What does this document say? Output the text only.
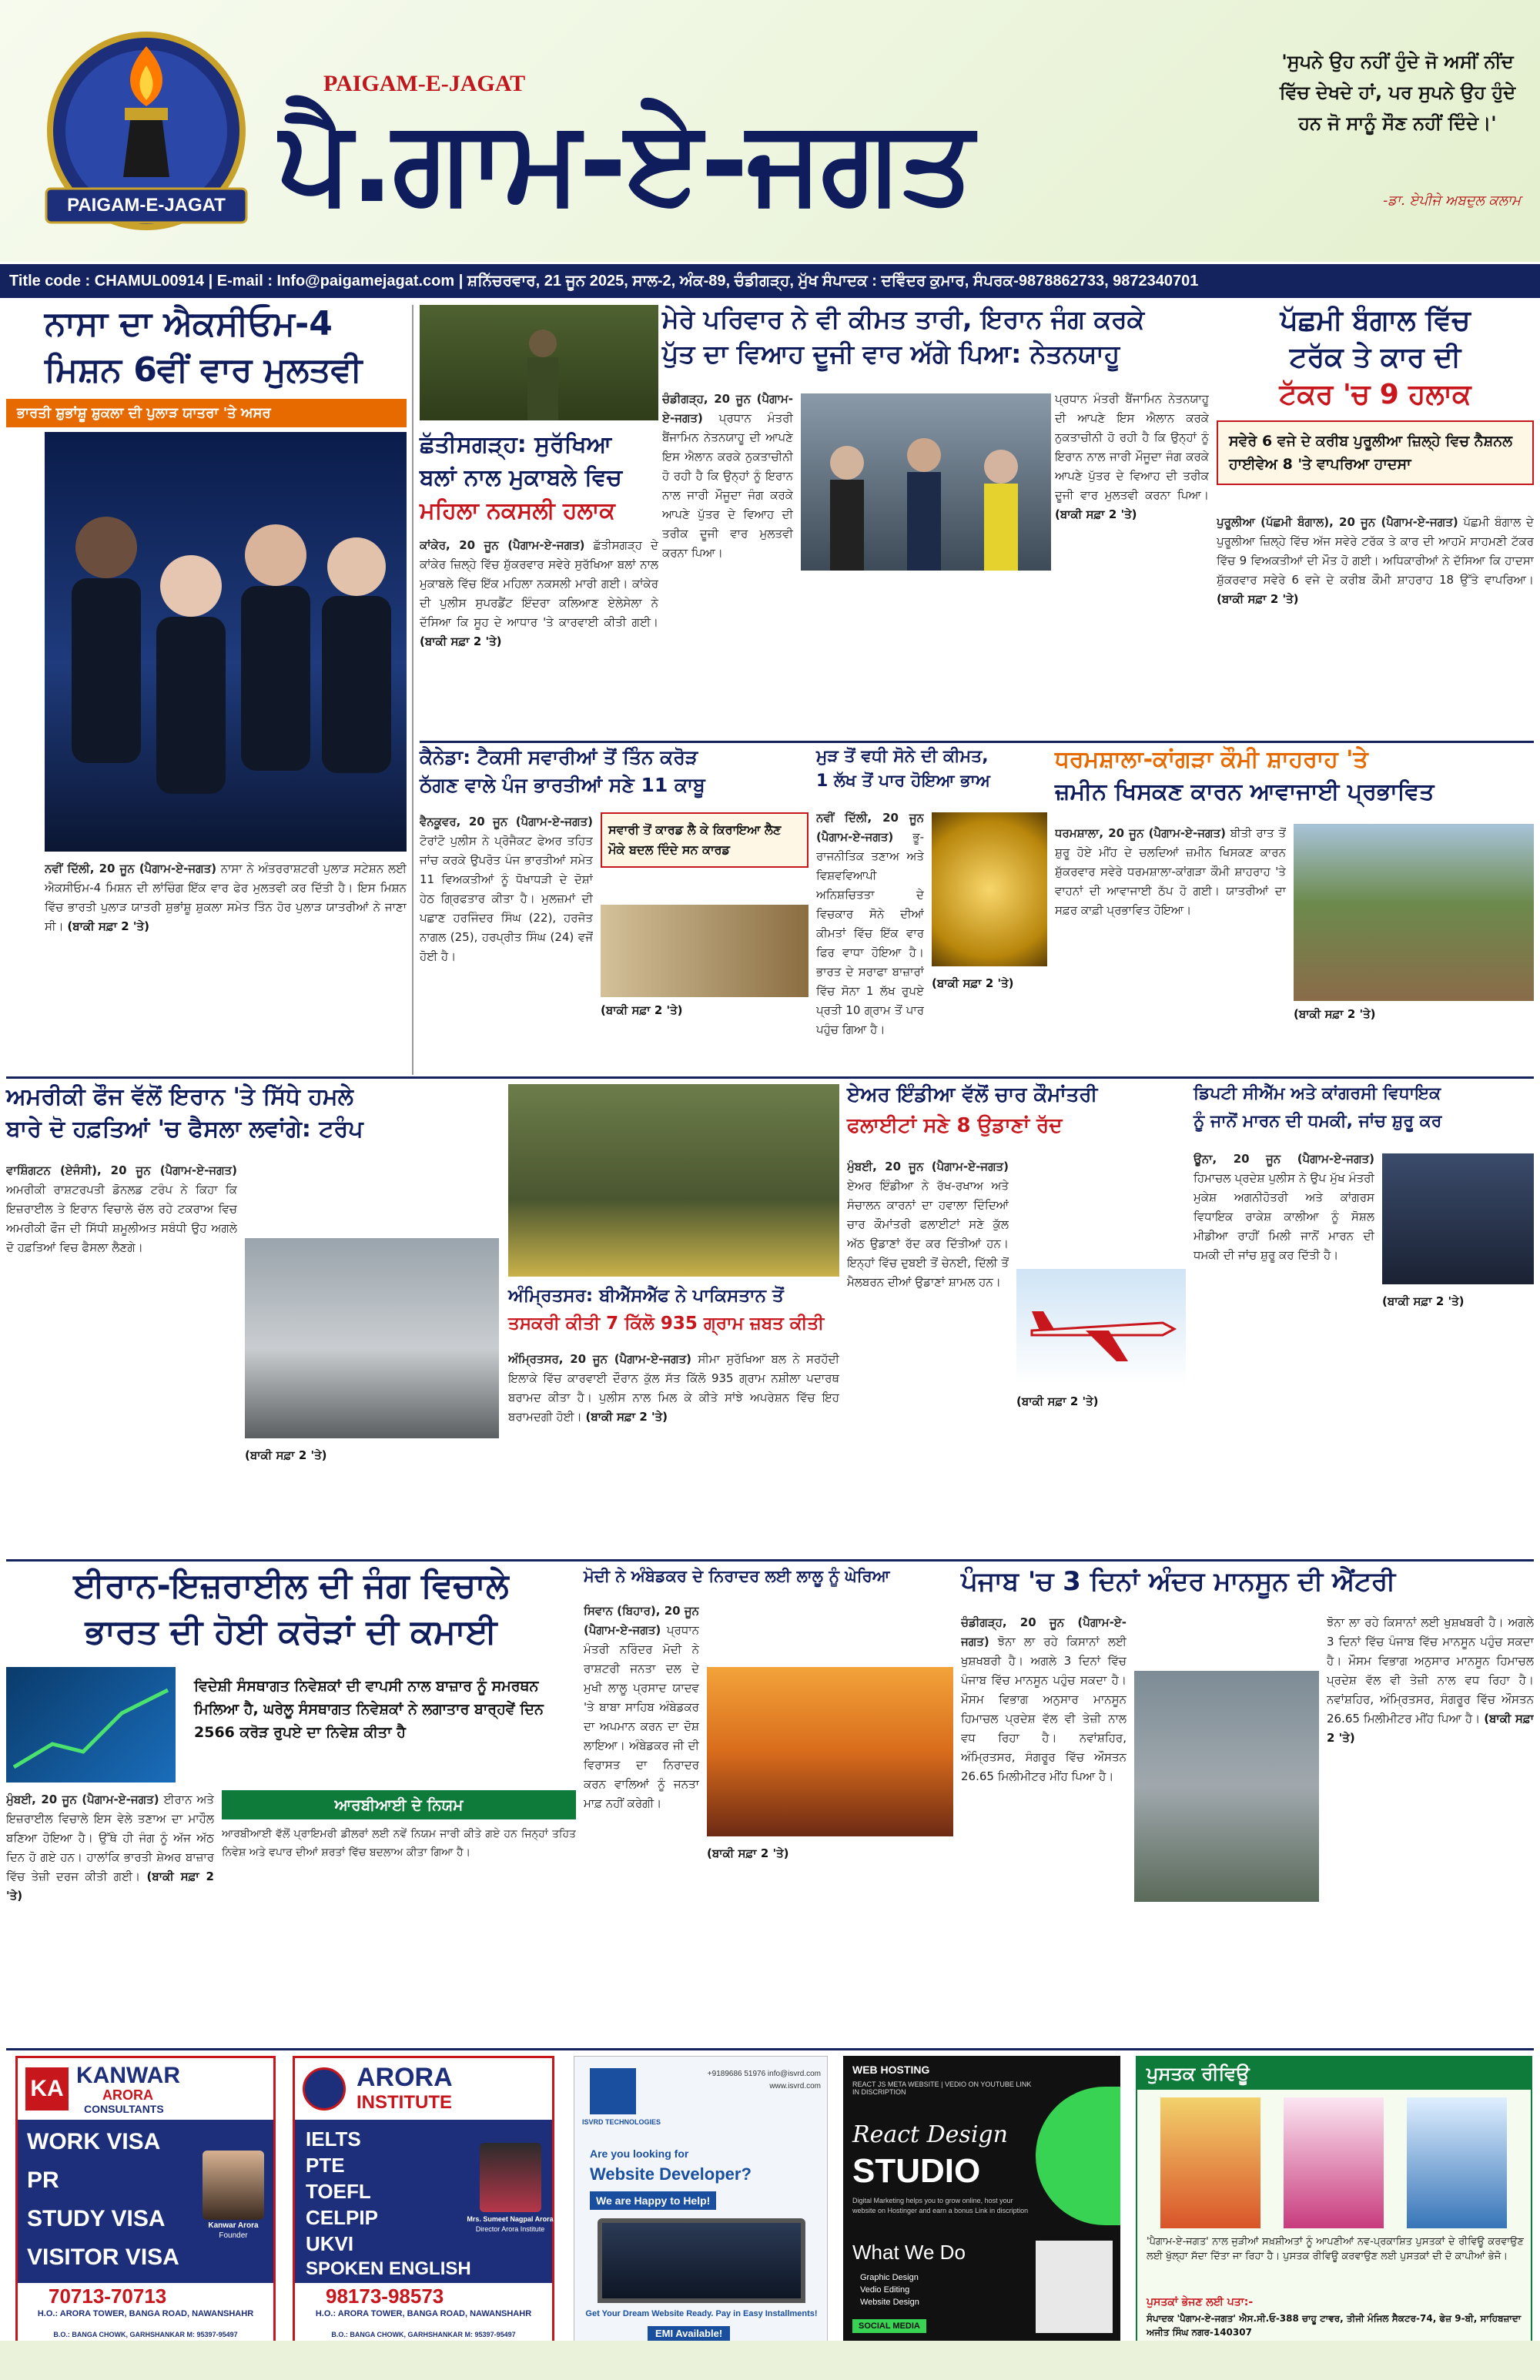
PAIGAM-E-JAGAT
PAIGAM-E-JAGAT
ਪੈ.ਗਾਮ-ਏ-ਜਗਤ
'ਸੁਪਨੇ ਉਹ ਨਹੀਂ ਹੁੰਦੇ ਜੋ ਅਸੀਂ ਨੀਂਦ ਵਿੱਚ ਦੇਖਦੇ ਹਾਂ, ਪਰ ਸੁਪਨੇ ਉਹ ਹੁੰਦੇ ਹਨ ਜੋ ਸਾਨੂੰ ਸੌਣ ਨਹੀਂ ਦਿੰਦੇ।'
-ਡਾ. ਏਪੀਜੇ ਅਬਦੁਲ ਕਲਾਮ
Title code : CHAMUL00914 | E-mail : Info@paigamejagat.com | ਸ਼ਨਿੱਚਰਵਾਰ, 21 ਜੂਨ 2025, ਸਾਲ-2, ਅੰਕ-89, ਚੰਡੀਗੜ੍ਹ, ਮੁੱਖ ਸੰਪਾਦਕ : ਦਵਿੰਦਰ ਕੁਮਾਰ, ਸੰਪਰਕ-9878862733, 9872340701
ਨਾਸਾ ਦਾ ਐਕਸੀਓਮ-4
ਮਿਸ਼ਨ 6ਵੀਂ ਵਾਰ ਮੁਲਤਵੀ
ਭਾਰਤੀ ਸ਼ੁਭਾਂਸ਼ੂ ਸ਼ੁਕਲਾ ਦੀ ਪੁਲਾੜ ਯਾਤਰਾ 'ਤੇ ਅਸਰ
ਨਵੀਂ ਦਿੱਲੀ, 20 ਜੂਨ (ਪੈਗਾਮ-ਏ-ਜਗਤ) ਨਾਸਾ ਨੇ ਅੰਤਰਰਾਸ਼ਟਰੀ ਪੁਲਾੜ ਸਟੇਸ਼ਨ ਲਈ ਐਕਸੀਓਮ-4 ਮਿਸ਼ਨ ਦੀ ਲਾਂਚਿੰਗ ਇੱਕ ਵਾਰ ਫੇਰ ਮੁਲਤਵੀ ਕਰ ਦਿੱਤੀ ਹੈ। ਇਸ ਮਿਸ਼ਨ ਵਿੱਚ ਭਾਰਤੀ ਪੁਲਾੜ ਯਾਤਰੀ ਸ਼ੁਭਾਂਸ਼ੂ ਸ਼ੁਕਲਾ ਸਮੇਤ ਤਿੰਨ ਹੋਰ ਪੁਲਾੜ ਯਾਤਰੀਆਂ ਨੇ ਜਾਣਾ ਸੀ। (ਬਾਕੀ ਸਫ਼ਾ 2 'ਤੇ)
ਛੱਤੀਸਗੜ੍ਹ: ਸੁਰੱਖਿਆ
ਬਲਾਂ ਨਾਲ ਮੁਕਾਬਲੇ ਵਿਚ
ਮਹਿਲਾ ਨਕਸਲੀ ਹਲਾਕ
ਕਾਂਕੇਰ, 20 ਜੂਨ (ਪੈਗਾਮ-ਏ-ਜਗਤ) ਛੱਤੀਸਗੜ੍ਹ ਦੇ ਕਾਂਕੇਰ ਜ਼ਿਲ੍ਹੇ ਵਿੱਚ ਸ਼ੁੱਕਰਵਾਰ ਸਵੇਰੇ ਸੁਰੱਖਿਆ ਬਲਾਂ ਨਾਲ ਮੁਕਾਬਲੇ ਵਿੱਚ ਇੱਕ ਮਹਿਲਾ ਨਕਸਲੀ ਮਾਰੀ ਗਈ। ਕਾਂਕੇਰ ਦੀ ਪੁਲੀਸ ਸੁਪਰਡੈਂਟ ਇੰਦਰਾ ਕਲਿਆਣ ਏਲੇਸੇਲਾ ਨੇ ਦੱਸਿਆ ਕਿ ਸੂਹ ਦੇ ਆਧਾਰ 'ਤੇ ਕਾਰਵਾਈ ਕੀਤੀ ਗਈ। (ਬਾਕੀ ਸਫ਼ਾ 2 'ਤੇ)
ਮੇਰੇ ਪਰਿਵਾਰ ਨੇ ਵੀ ਕੀਮਤ ਤਾਰੀ, ਇਰਾਨ ਜੰਗ ਕਰਕੇ
ਪੁੱਤ ਦਾ ਵਿਆਹ ਦੂਜੀ ਵਾਰ ਅੱਗੇ ਪਿਆ: ਨੇਤਨਯਾਹੂ
ਚੰਡੀਗੜ੍ਹ, 20 ਜੂਨ (ਪੈਗਾਮ-ਏ-ਜਗਤ) ਪ੍ਰਧਾਨ ਮੰਤਰੀ ਬੈਂਜਾਮਿਨ ਨੇਤਨਯਾਹੂ ਦੀ ਆਪਣੇ ਇਸ ਐਲਾਨ ਕਰਕੇ ਨੁਕਤਾਚੀਨੀ ਹੋ ਰਹੀ ਹੈ ਕਿ ਉਨ੍ਹਾਂ ਨੂੰ ਇਰਾਨ ਨਾਲ ਜਾਰੀ ਮੌਜੂਦਾ ਜੰਗ ਕਰਕੇ ਆਪਣੇ ਪੁੱਤਰ ਦੇ ਵਿਆਹ ਦੀ ਤਰੀਕ ਦੂਜੀ ਵਾਰ ਮੁਲਤਵੀ ਕਰਨਾ ਪਿਆ।
ਪ੍ਰਧਾਨ ਮੰਤਰੀ ਬੈਂਜਾਮਿਨ ਨੇਤਨਯਾਹੂ ਦੀ ਆਪਣੇ ਇਸ ਐਲਾਨ ਕਰਕੇ ਨੁਕਤਾਚੀਨੀ ਹੋ ਰਹੀ ਹੈ ਕਿ ਉਨ੍ਹਾਂ ਨੂੰ ਇਰਾਨ ਨਾਲ ਜਾਰੀ ਮੌਜੂਦਾ ਜੰਗ ਕਰਕੇ ਆਪਣੇ ਪੁੱਤਰ ਦੇ ਵਿਆਹ ਦੀ ਤਰੀਕ ਦੂਜੀ ਵਾਰ ਮੁਲਤਵੀ ਕਰਨਾ ਪਿਆ। (ਬਾਕੀ ਸਫ਼ਾ 2 'ਤੇ)
ਪੱਛਮੀ ਬੰਗਾਲ ਵਿੱਚ
ਟਰੱਕ ਤੇ ਕਾਰ ਦੀ
ਟੱਕਰ 'ਚ 9 ਹਲਾਕ
ਸਵੇਰੇ 6 ਵਜੇ ਦੇ ਕਰੀਬ ਪੁਰੂਲੀਆ ਜ਼ਿਲ੍ਹੇ ਵਿਚ ਨੈਸ਼ਨਲ ਹਾਈਵੇਅ 8 'ਤੇ ਵਾਪਰਿਆ ਹਾਦਸਾ
ਪੁਰੂਲੀਆ (ਪੱਛਮੀ ਬੰਗਾਲ), 20 ਜੂਨ (ਪੈਗਾਮ-ਏ-ਜਗਤ) ਪੱਛਮੀ ਬੰਗਾਲ ਦੇ ਪੁਰੂਲੀਆ ਜ਼ਿਲ੍ਹੇ ਵਿੱਚ ਅੱਜ ਸਵੇਰੇ ਟਰੱਕ ਤੇ ਕਾਰ ਦੀ ਆਹਮੋ ਸਾਹਮਣੀ ਟੱਕਰ ਵਿੱਚ 9 ਵਿਅਕਤੀਆਂ ਦੀ ਮੌਤ ਹੋ ਗਈ। ਅਧਿਕਾਰੀਆਂ ਨੇ ਦੱਸਿਆ ਕਿ ਹਾਦਸਾ ਸ਼ੁੱਕਰਵਾਰ ਸਵੇਰੇ 6 ਵਜੇ ਦੇ ਕਰੀਬ ਕੌਮੀ ਸ਼ਾਹਰਾਹ 18 ਉੱਤੇ ਵਾਪਰਿਆ। (ਬਾਕੀ ਸਫ਼ਾ 2 'ਤੇ)
ਕੈਨੇਡਾ: ਟੈਕਸੀ ਸਵਾਰੀਆਂ ਤੋਂ ਤਿੰਨ ਕਰੋੜ
ਠੱਗਣ ਵਾਲੇ ਪੰਜ ਭਾਰਤੀਆਂ ਸਣੇ 11 ਕਾਬੂ
ਵੈਨਕੂਵਰ, 20 ਜੂਨ (ਪੈਗਾਮ-ਏ-ਜਗਤ) ਟੋਰਾਂਟੋ ਪੁਲੀਸ ਨੇ ਪ੍ਰੋਜੈਕਟ ਫੇਅਰ ਤਹਿਤ ਜਾਂਚ ਕਰਕੇ ਉਪਰੋਤ ਪੰਜ ਭਾਰਤੀਆਂ ਸਮੇਤ 11 ਵਿਅਕਤੀਆਂ ਨੂੰ ਧੋਖਾਧੜੀ ਦੇ ਦੋਸ਼ਾਂ ਹੇਠ ਗ੍ਰਿਫਤਾਰ ਕੀਤਾ ਹੈ। ਮੁਲਜ਼ਮਾਂ ਦੀ ਪਛਾਣ ਹਰਜਿੰਦਰ ਸਿੰਘ (22), ਹਰਜੋਤ ਨਾਗਲ (25), ਹਰਪ੍ਰੀਤ ਸਿੰਘ (24) ਵਜੋਂ ਹੋਈ ਹੈ।
ਸਵਾਰੀ ਤੋਂ ਕਾਰਡ ਲੈ ਕੇ ਕਿਰਾਇਆ ਲੈਣ ਮੌਕੇ ਬਦਲ ਦਿੰਦੇ ਸਨ ਕਾਰਡ
(ਬਾਕੀ ਸਫ਼ਾ 2 'ਤੇ)
ਮੁੜ ਤੋਂ ਵਧੀ ਸੋਨੇ ਦੀ ਕੀਮਤ,
1 ਲੱਖ ਤੋਂ ਪਾਰ ਹੋਇਆ ਭਾਅ
ਨਵੀਂ ਦਿੱਲੀ, 20 ਜੂਨ (ਪੈਗਾਮ-ਏ-ਜਗਤ) ਭੂ-ਰਾਜਨੀਤਿਕ ਤਣਾਅ ਅਤੇ ਵਿਸ਼ਵਵਿਆਪੀ ਅਨਿਸ਼ਚਿਤਤਾ ਦੇ ਵਿਚਕਾਰ ਸੋਨੇ ਦੀਆਂ ਕੀਮਤਾਂ ਵਿੱਚ ਇੱਕ ਵਾਰ ਫਿਰ ਵਾਧਾ ਹੋਇਆ ਹੈ। ਭਾਰਤ ਦੇ ਸਰਾਫਾ ਬਾਜ਼ਾਰਾਂ ਵਿੱਚ ਸੋਨਾ 1 ਲੱਖ ਰੁਪਏ ਪ੍ਰਤੀ 10 ਗ੍ਰਾਮ ਤੋਂ ਪਾਰ ਪਹੁੰਚ ਗਿਆ ਹੈ।
(ਬਾਕੀ ਸਫ਼ਾ 2 'ਤੇ)
ਧਰਮਸ਼ਾਲਾ-ਕਾਂਗੜਾ ਕੌਮੀ ਸ਼ਾਹਰਾਹ 'ਤੇ
ਜ਼ਮੀਨ ਖਿਸਕਣ ਕਾਰਨ ਆਵਾਜਾਈ ਪ੍ਰਭਾਵਿਤ
ਧਰਮਸ਼ਾਲਾ, 20 ਜੂਨ (ਪੈਗਾਮ-ਏ-ਜਗਤ) ਬੀਤੀ ਰਾਤ ਤੋਂ ਸ਼ੁਰੂ ਹੋਏ ਮੀਂਹ ਦੇ ਚਲਦਿਆਂ ਜ਼ਮੀਨ ਖਿਸਕਣ ਕਾਰਨ ਸ਼ੁੱਕਰਵਾਰ ਸਵੇਰੇ ਧਰਮਸ਼ਾਲਾ-ਕਾਂਗੜਾ ਕੌਮੀ ਸ਼ਾਹਰਾਹ 'ਤੇ ਵਾਹਨਾਂ ਦੀ ਆਵਾਜਾਈ ਠੱਪ ਹੋ ਗਈ। ਯਾਤਰੀਆਂ ਦਾ ਸਫ਼ਰ ਕਾਫ਼ੀ ਪ੍ਰਭਾਵਿਤ ਹੋਇਆ।
(ਬਾਕੀ ਸਫ਼ਾ 2 'ਤੇ)
ਅਮਰੀਕੀ ਫੌਜ ਵੱਲੋਂ ਇਰਾਨ 'ਤੇ ਸਿੱਧੇ ਹਮਲੇ
ਬਾਰੇ ਦੋ ਹਫ਼ਤਿਆਂ 'ਚ ਫੈਸਲਾ ਲਵਾਂਗੇ: ਟਰੰਪ
ਵਾਸ਼ਿੰਗਟਨ (ਏਜੰਸੀ), 20 ਜੂਨ (ਪੈਗਾਮ-ਏ-ਜਗਤ) ਅਮਰੀਕੀ ਰਾਸ਼ਟਰਪਤੀ ਡੋਨਲਡ ਟਰੰਪ ਨੇ ਕਿਹਾ ਕਿ ਇਜ਼ਰਾਈਲ ਤੇ ਇਰਾਨ ਵਿਚਾਲੇ ਚੱਲ ਰਹੇ ਟਕਰਾਅ ਵਿਚ ਅਮਰੀਕੀ ਫੌਜ ਦੀ ਸਿੱਧੀ ਸ਼ਮੂਲੀਅਤ ਸਬੰਧੀ ਉਹ ਅਗਲੇ ਦੋ ਹਫ਼ਤਿਆਂ ਵਿਚ ਫੈਸਲਾ ਲੈਣਗੇ।
(ਬਾਕੀ ਸਫ਼ਾ 2 'ਤੇ)
ਅੰਮ੍ਰਿਤਸਰ: ਬੀਐੱਸਐੱਫ ਨੇ ਪਾਕਿਸਤਾਨ ਤੋਂ
ਤਸਕਰੀ ਕੀਤੀ 7 ਕਿੱਲੋ 935 ਗ੍ਰਾਮ ਜ਼ਬਤ ਕੀਤੀ
ਅੰਮ੍ਰਿਤਸਰ, 20 ਜੂਨ (ਪੈਗਾਮ-ਏ-ਜਗਤ) ਸੀਮਾ ਸੁਰੱਖਿਆ ਬਲ ਨੇ ਸਰਹੱਦੀ ਇਲਾਕੇ ਵਿੱਚ ਕਾਰਵਾਈ ਦੌਰਾਨ ਕੁੱਲ ਸੱਤ ਕਿੱਲੋ 935 ਗ੍ਰਾਮ ਨਸ਼ੀਲਾ ਪਦਾਰਥ ਬਰਾਮਦ ਕੀਤਾ ਹੈ। ਪੁਲੀਸ ਨਾਲ ਮਿਲ ਕੇ ਕੀਤੇ ਸਾਂਝੇ ਅਪਰੇਸ਼ਨ ਵਿੱਚ ਇਹ ਬਰਾਮਦਗੀ ਹੋਈ। (ਬਾਕੀ ਸਫ਼ਾ 2 'ਤੇ)
ਏਅਰ ਇੰਡੀਆ ਵੱਲੋਂ ਚਾਰ ਕੌਮਾਂਤਰੀ
ਫਲਾਈਟਾਂ ਸਣੇ 8 ਉਡਾਣਾਂ ਰੱਦ
ਮੁੰਬਈ, 20 ਜੂਨ (ਪੈਗਾਮ-ਏ-ਜਗਤ) ਏਅਰ ਇੰਡੀਆ ਨੇ ਰੱਖ-ਰਖਾਅ ਅਤੇ ਸੰਚਾਲਨ ਕਾਰਨਾਂ ਦਾ ਹਵਾਲਾ ਦਿੰਦਿਆਂ ਚਾਰ ਕੌਮਾਂਤਰੀ ਫਲਾਈਟਾਂ ਸਣੇ ਕੁੱਲ ਅੱਠ ਉਡਾਣਾਂ ਰੱਦ ਕਰ ਦਿੱਤੀਆਂ ਹਨ। ਇਨ੍ਹਾਂ ਵਿੱਚ ਦੁਬਈ ਤੋਂ ਚੇਨਈ, ਦਿੱਲੀ ਤੋਂ ਮੈਲਬਰਨ ਦੀਆਂ ਉਡਾਣਾਂ ਸ਼ਾਮਲ ਹਨ।
(ਬਾਕੀ ਸਫ਼ਾ 2 'ਤੇ)
ਡਿਪਟੀ ਸੀਐੱਮ ਅਤੇ ਕਾਂਗਰਸੀ ਵਿਧਾਇਕ
ਨੂੰ ਜਾਨੋਂ ਮਾਰਨ ਦੀ ਧਮਕੀ, ਜਾਂਚ ਸ਼ੁਰੂ ਕਰ
ਊਨਾ, 20 ਜੂਨ (ਪੈਗਾਮ-ਏ-ਜਗਤ) ਹਿਮਾਚਲ ਪ੍ਰਦੇਸ਼ ਪੁਲੀਸ ਨੇ ਉਪ ਮੁੱਖ ਮੰਤਰੀ ਮੁਕੇਸ਼ ਅਗਨੀਹੋਤਰੀ ਅਤੇ ਕਾਂਗਰਸ ਵਿਧਾਇਕ ਰਾਕੇਸ਼ ਕਾਲੀਆ ਨੂੰ ਸੋਸ਼ਲ ਮੀਡੀਆ ਰਾਹੀਂ ਮਿਲੀ ਜਾਨੋਂ ਮਾਰਨ ਦੀ ਧਮਕੀ ਦੀ ਜਾਂਚ ਸ਼ੁਰੂ ਕਰ ਦਿੱਤੀ ਹੈ।
(ਬਾਕੀ ਸਫ਼ਾ 2 'ਤੇ)
ਈਰਾਨ-ਇਜ਼ਰਾਈਲ ਦੀ ਜੰਗ ਵਿਚਾਲੇ
ਭਾਰਤ ਦੀ ਹੋਈ ਕਰੋੜਾਂ ਦੀ ਕਮਾਈ
ਵਿਦੇਸ਼ੀ ਸੰਸਥਾਗਤ ਨਿਵੇਸ਼ਕਾਂ ਦੀ ਵਾਪਸੀ ਨਾਲ ਬਾਜ਼ਾਰ ਨੂੰ ਸਮਰਥਨ ਮਿਲਿਆ ਹੈ, ਘਰੇਲੂ ਸੰਸਥਾਗਤ ਨਿਵੇਸ਼ਕਾਂ ਨੇ ਲਗਾਤਾਰ ਬਾਰ੍ਹਵੇਂ ਦਿਨ 2566 ਕਰੋੜ ਰੁਪਏ ਦਾ ਨਿਵੇਸ਼ ਕੀਤਾ ਹੈ
ਮੁੰਬਈ, 20 ਜੂਨ (ਪੈਗਾਮ-ਏ-ਜਗਤ) ਈਰਾਨ ਅਤੇ ਇਜ਼ਰਾਈਲ ਵਿਚਾਲੇ ਇਸ ਵੇਲੇ ਤਣਾਅ ਦਾ ਮਾਹੌਲ ਬਣਿਆ ਹੋਇਆ ਹੈ। ਉੱਥੇ ਹੀ ਜੰਗ ਨੂੰ ਅੱਜ ਅੱਠ ਦਿਨ ਹੋ ਗਏ ਹਨ। ਹਾਲਾਂਕਿ ਭਾਰਤੀ ਸ਼ੇਅਰ ਬਾਜ਼ਾਰ ਵਿੱਚ ਤੇਜ਼ੀ ਦਰਜ ਕੀਤੀ ਗਈ। (ਬਾਕੀ ਸਫ਼ਾ 2 'ਤੇ)
ਆਰਬੀਆਈ ਦੇ ਨਿਯਮ
ਆਰਬੀਆਈ ਵੱਲੋਂ ਪ੍ਰਾਇਮਰੀ ਡੀਲਰਾਂ ਲਈ ਨਵੇਂ ਨਿਯਮ ਜਾਰੀ ਕੀਤੇ ਗਏ ਹਨ ਜਿਨ੍ਹਾਂ ਤਹਿਤ ਨਿਵੇਸ਼ ਅਤੇ ਵਪਾਰ ਦੀਆਂ ਸ਼ਰਤਾਂ ਵਿੱਚ ਬਦਲਾਅ ਕੀਤਾ ਗਿਆ ਹੈ।
ਮੋਦੀ ਨੇ ਅੰਬੇਡਕਰ ਦੇ ਨਿਰਾਦਰ ਲਈ ਲਾਲੂ ਨੂੰ ਘੇਰਿਆ
ਸਿਵਾਨ (ਬਿਹਾਰ), 20 ਜੂਨ (ਪੈਗਾਮ-ਏ-ਜਗਤ) ਪ੍ਰਧਾਨ ਮੰਤਰੀ ਨਰਿੰਦਰ ਮੋਦੀ ਨੇ ਰਾਸ਼ਟਰੀ ਜਨਤਾ ਦਲ ਦੇ ਮੁਖੀ ਲਾਲੂ ਪ੍ਰਸਾਦ ਯਾਦਵ 'ਤੇ ਬਾਬਾ ਸਾਹਿਬ ਅੰਬੇਡਕਰ ਦਾ ਅਪਮਾਨ ਕਰਨ ਦਾ ਦੋਸ਼ ਲਾਇਆ। ਅੰਬੇਡਕਰ ਜੀ ਦੀ ਵਿਰਾਸਤ ਦਾ ਨਿਰਾਦਰ ਕਰਨ ਵਾਲਿਆਂ ਨੂੰ ਜਨਤਾ ਮਾਫ਼ ਨਹੀਂ ਕਰੇਗੀ।
(ਬਾਕੀ ਸਫ਼ਾ 2 'ਤੇ)
ਪੰਜਾਬ 'ਚ 3 ਦਿਨਾਂ ਅੰਦਰ ਮਾਨਸੂਨ ਦੀ ਐਂਟਰੀ
ਚੰਡੀਗੜ੍ਹ, 20 ਜੂਨ (ਪੈਗਾਮ-ਏ-ਜਗਤ) ਝੋਨਾ ਲਾ ਰਹੇ ਕਿਸਾਨਾਂ ਲਈ ਖੁਸ਼ਖਬਰੀ ਹੈ। ਅਗਲੇ 3 ਦਿਨਾਂ ਵਿੱਚ ਪੰਜਾਬ ਵਿੱਚ ਮਾਨਸੂਨ ਪਹੁੰਚ ਸਕਦਾ ਹੈ। ਮੌਸਮ ਵਿਭਾਗ ਅਨੁਸਾਰ ਮਾਨਸੂਨ ਹਿਮਾਚਲ ਪ੍ਰਦੇਸ਼ ਵੱਲ ਵੀ ਤੇਜ਼ੀ ਨਾਲ ਵਧ ਰਿਹਾ ਹੈ। ਨਵਾਂਸ਼ਹਿਰ, ਅੰਮ੍ਰਿਤਸਰ, ਸੰਗਰੂਰ ਵਿੱਚ ਔਸਤਨ 26.65 ਮਿਲੀਮੀਟਰ ਮੀਂਹ ਪਿਆ ਹੈ।
ਝੋਨਾ ਲਾ ਰਹੇ ਕਿਸਾਨਾਂ ਲਈ ਖੁਸ਼ਖਬਰੀ ਹੈ। ਅਗਲੇ 3 ਦਿਨਾਂ ਵਿੱਚ ਪੰਜਾਬ ਵਿੱਚ ਮਾਨਸੂਨ ਪਹੁੰਚ ਸਕਦਾ ਹੈ। ਮੌਸਮ ਵਿਭਾਗ ਅਨੁਸਾਰ ਮਾਨਸੂਨ ਹਿਮਾਚਲ ਪ੍ਰਦੇਸ਼ ਵੱਲ ਵੀ ਤੇਜ਼ੀ ਨਾਲ ਵਧ ਰਿਹਾ ਹੈ। ਨਵਾਂਸ਼ਹਿਰ, ਅੰਮ੍ਰਿਤਸਰ, ਸੰਗਰੂਰ ਵਿੱਚ ਔਸਤਨ 26.65 ਮਿਲੀਮੀਟਰ ਮੀਂਹ ਪਿਆ ਹੈ। (ਬਾਕੀ ਸਫ਼ਾ 2 'ਤੇ)
KA
KANWAR
ARORA
CONSULTANTS
WORK VISA
PR
STUDY VISA
VISITOR VISA
Kanwar Arora
Founder
70713-70713
H.O.: ARORA TOWER, BANGA ROAD, NAWANSHAHR
B.O.: BANGA CHOWK, GARHSHANKAR M: 95397-95497
ARORA
INSTITUTE
IELTS
PTE
TOEFL
CELPIP
UKVI
SPOKEN ENGLISH
Mrs. Sumeet Nagpal Arora
Director Arora Institute
98173-98573
H.O.: ARORA TOWER, BANGA ROAD, NAWANSHAHR
B.O.: BANGA CHOWK, GARHSHANKAR M: 95397-95497
ISVRD TECHNOLOGIES
+9189686 51976 info@isvrd.com www.isvrd.com
Are you looking for
Website Developer?
We are Happy to Help!
Get Your Dream Website Ready. Pay in Easy Installments!
EMI Available!
WEB HOSTING
REACT JS META WEBSITE | VEDIO ON YOUTUBE LINK IN DISCRIPTION
React Design
STUDIO
Digital Marketing helps you to grow online, host your website on Hostinger and earn a bonus Link in discription
What We Do
Graphic Design
Vedio Editing
Website Design
SOCIAL MEDIA
ਪੁਸਤਕ ਰੀਵਿਊ
'ਪੈਗਾਮ-ਏ-ਜਗਤ' ਨਾਲ ਜੁੜੀਆਂ ਸਖ਼ਸ਼ੀਅਤਾਂ ਨੂੰ ਆਪਣੀਆਂ ਨਵ-ਪ੍ਰਕਾਸ਼ਿਤ ਪੁਸਤਕਾਂ ਦੇ ਰੀਵਿਊ ਕਰਵਾਉਣ ਲਈ ਖੁੱਲ੍ਹਾ ਸੱਦਾ ਦਿੱਤਾ ਜਾ ਰਿਹਾ ਹੈ। ਪੁਸਤਕ ਰੀਵਿਊ ਕਰਵਾਉਣ ਲਈ ਪੁਸਤਕਾਂ ਦੀ ਦੋ ਕਾਪੀਆਂ ਭੇਜੋ।
ਪੁਸਤਕਾਂ ਭੇਜਣ ਲਈ ਪਤਾ:-
ਸੰਪਾਦਕ 'ਪੈਗਾਮ-ਏ-ਜਗਤ' ਐਸ.ਸੀ.ਓ-388 ਚਾਹੂ ਟਾਵਰ, ਤੀਜੀ ਮੰਜਿਲ ਸੈਕਟਰ-74, ਫੇਜ਼ 9-ਬੀ, ਸਾਹਿਬਜ਼ਾਦਾ ਅਜੀਤ ਸਿੰਘ ਨਗਰ-140307
